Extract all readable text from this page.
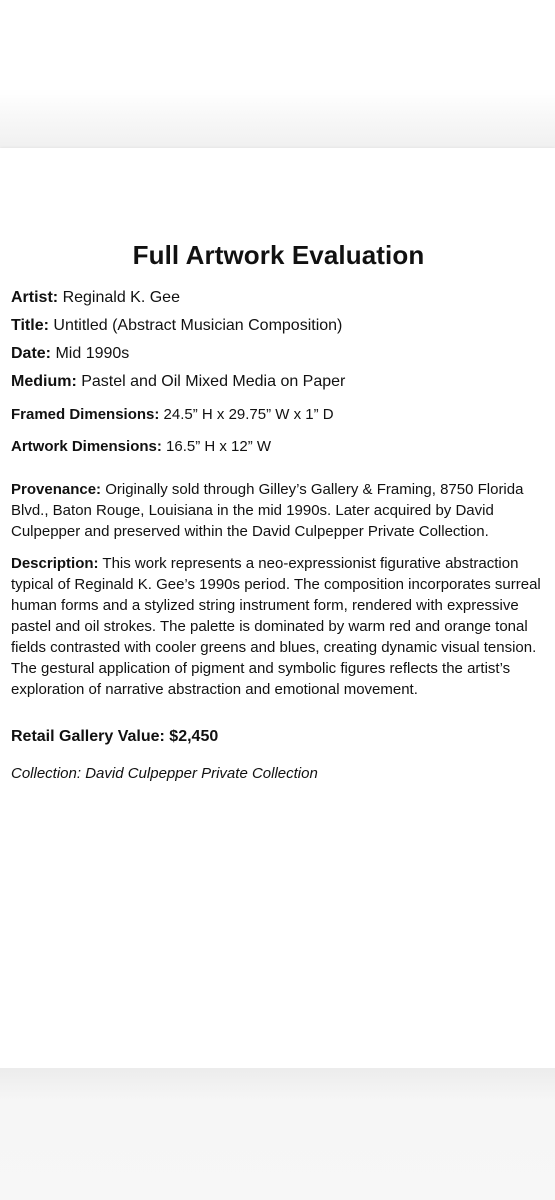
Full Artwork Evaluation

Artist: Reginald K. Gee

Title: Untitled (Abstract Musician Composition)

Date: Mid 1990s

Medium: Pastel and Oil Mixed Media on Paper

Framed Dimensions: 24.5” H x 29.75” W x 1” D

Artwork Dimensions: 16.5” H x 12” W

Provenance: Originally sold through Gilley’s Gallery & Framing, 8750 Florida Blvd., Baton Rouge, Louisiana in the mid 1990s. Later acquired by David Culpepper and preserved within the David Culpepper Private Collection.

Description: This work represents a neo-expressionist figurative abstraction typical of Reginald K. Gee’s 1990s period. The composition incorporates surreal human forms and a stylized string instrument form, rendered with expressive pastel and oil strokes. The palette is dominated by warm red and orange tonal fields contrasted with cooler greens and blues, creating dynamic visual tension. The gestural application of pigment and symbolic figures reflects the artist’s exploration of narrative abstraction and emotional movement.

Retail Gallery Value: $2,450

Collection: David Culpepper Private Collection
